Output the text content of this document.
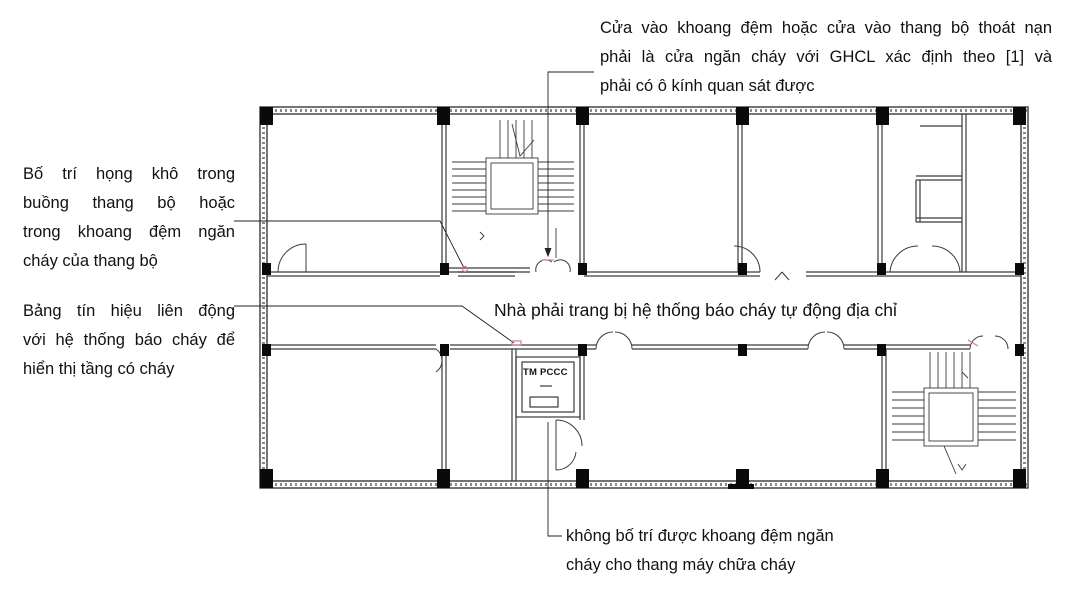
Cửa vào khoang đệm hoặc cửa vào thang bộ thoát nạn
phải là cửa ngăn cháy với GHCL xác định theo [1] và
phải có ô kính quan sát được
Bố trí họng khô trong
buồng thang bộ hoặc
trong khoang đệm ngăn
cháy của thang bộ
Bảng tín hiệu liên động
với hệ thống báo cháy để
hiển thị tầng có cháy
Nhà phải trang bị hệ thống báo cháy tự động địa chỉ
không bố trí được khoang đệm ngăn
cháy cho thang máy chữa cháy
TM PCCC
